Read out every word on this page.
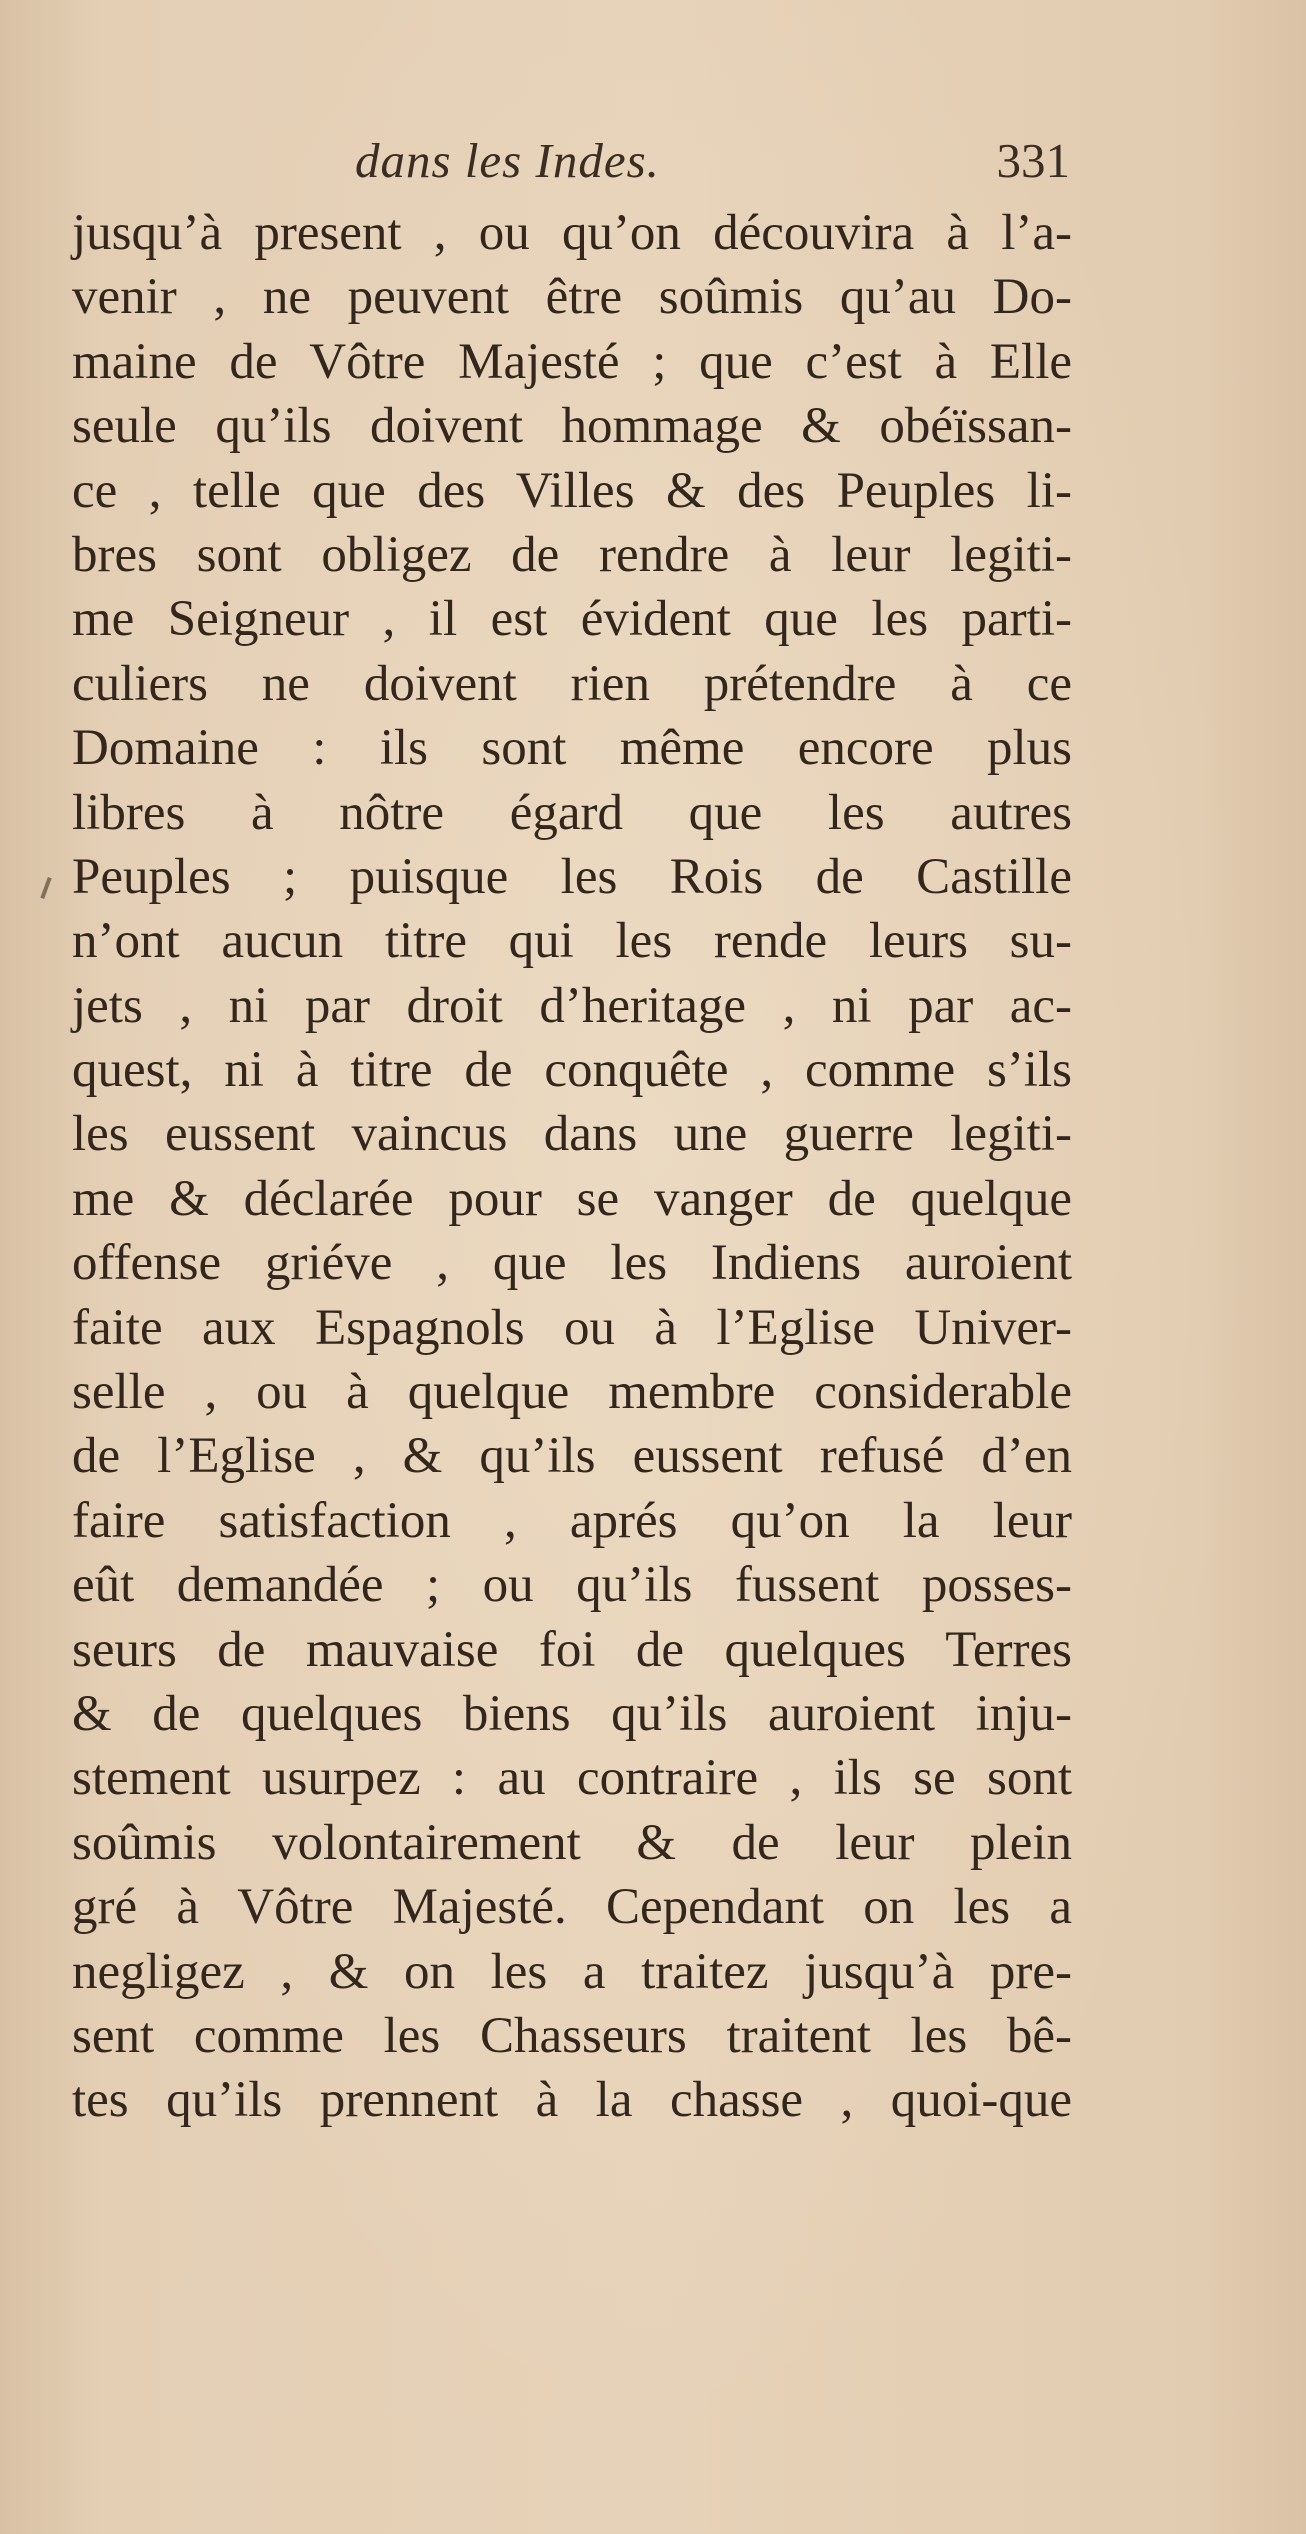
dans les Indes.	331
jusqu’à present , ou qu’on découvira à l’a-
venir , ne peuvent être soûmis qu’au Do-
maine de Vôtre Majesté ; que c’est à Elle
seule qu’ils doivent hommage & obéïssan-
ce , telle que des Villes & des Peuples li-
bres sont obligez de rendre à leur legiti-
me Seigneur , il est évident que les parti-
culiers ne doivent rien prétendre à ce
Domaine : ils sont même encore plus
libres à nôtre égard que les autres
Peuples ; puisque les Rois de Castille
n’ont aucun titre qui les rende leurs su-
jets , ni par droit d’heritage , ni par ac-
quest, ni à titre de conquête , comme s’ils
les eussent vaincus dans une guerre legiti-
me & déclarée pour se vanger de quelque
offense griéve , que les Indiens auroient
faite aux Espagnols ou à l’Eglise Univer-
selle , ou à quelque membre considerable
de l’Eglise , & qu’ils eussent refusé d’en
faire satisfaction , aprés qu’on la leur
eût demandée ; ou qu’ils fussent posses-
seurs de mauvaise foi de quelques Terres
& de quelques biens qu’ils auroient inju-
stement usurpez : au contraire , ils se sont
soûmis volontairement & de leur plein
gré à Vôtre Majesté. Cependant on les a
negligez , & on les a traitez jusqu’à pre-
sent comme les Chasseurs traitent les bê-
tes qu’ils prennent à la chasse , quoi-que
